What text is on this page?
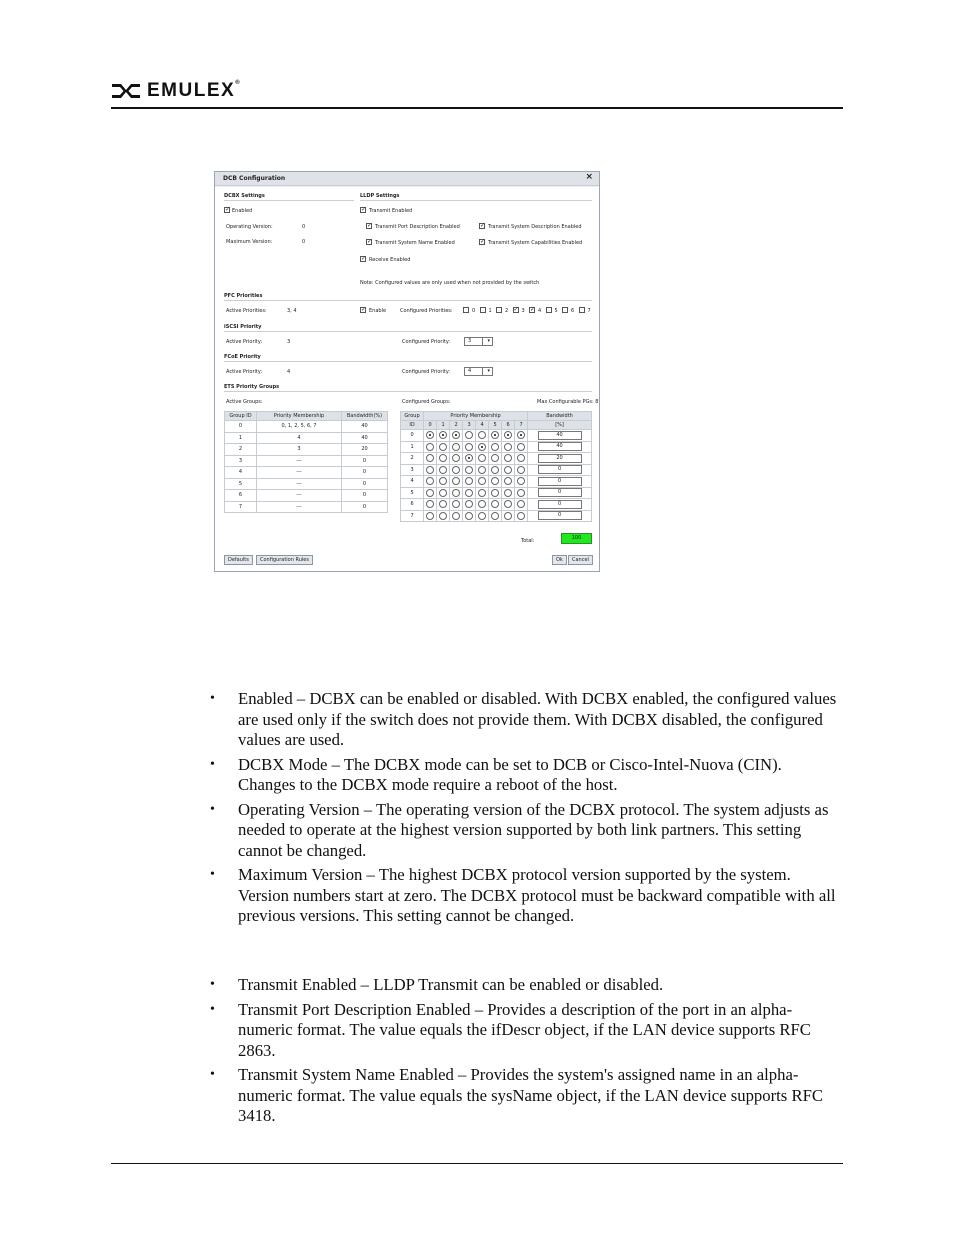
EMULEX®
DCB Configuration	×
DCBX Settings
✓ Enabled
Operating Version:	0
Maximum Version:	0
LLDP Settings
✓ Transmit Enabled
✓ Transmit Port Description Enabled	✓ Transmit System Description Enabled
✓ Transmit System Name Enabled	✓ Transmit System Capabilities Enabled
✓ Receive Enabled
Note: Configured values are only used when not provided by the switch
PFC Priorities
Active Priorities:	3, 4	✓ Enable	Configured Priorities:	0	1	2 ✓ 3 ✓ 4	5	6	7
iSCSI Priority
Active Priority:	3	Configured Priority:	3 ▾
FCoE Priority
Active Priority:	4	Configured Priority:	4 ▾
ETS Priority Groups
Active Groups:	Configured Groups:	Max Configurable PGs: 8
Group ID	Priority Membership	Bandwidth(%)
0	0, 1, 2, 5, 6, 7	40
1	4	40
2	3	20
3	---	0
4	---	0
5	---	0
6	---	0
7	---	0
Group	Priority Membership								Bandwidth
ID	0	1	2	3	4	5	6	7	[%]
0									40

1									40

2									20

3									0

4									0

5									0

6									0

7									0
Total:	100
Defaults	Configuration Rules	Ok	Cancel
• Enabled – DCBX can be enabled or disabled. With DCBX enabled, the configured values are used only if the switch does not provide them. With DCBX disabled, the configured values are used.
• DCBX Mode – The DCBX mode can be set to DCB or Cisco-Intel-Nuova (CIN). Changes to the DCBX mode require a reboot of the host.
• Operating Version – The operating version of the DCBX protocol. The system adjusts as needed to operate at the highest version supported by both link partners. This setting cannot be changed.
• Maximum Version – The highest DCBX protocol version supported by the system. Version numbers start at zero. The DCBX protocol must be backward compatible with all previous versions. This setting cannot be changed.
• Transmit Enabled – LLDP Transmit can be enabled or disabled.
• Transmit Port Description Enabled – Provides a description of the port in an alpha-numeric format. The value equals the ifDescr object, if the LAN device supports RFC 2863.
• Transmit System Name Enabled – Provides the system's assigned name in an alpha-numeric format. The value equals the sysName object, if the LAN device supports RFC 3418.
